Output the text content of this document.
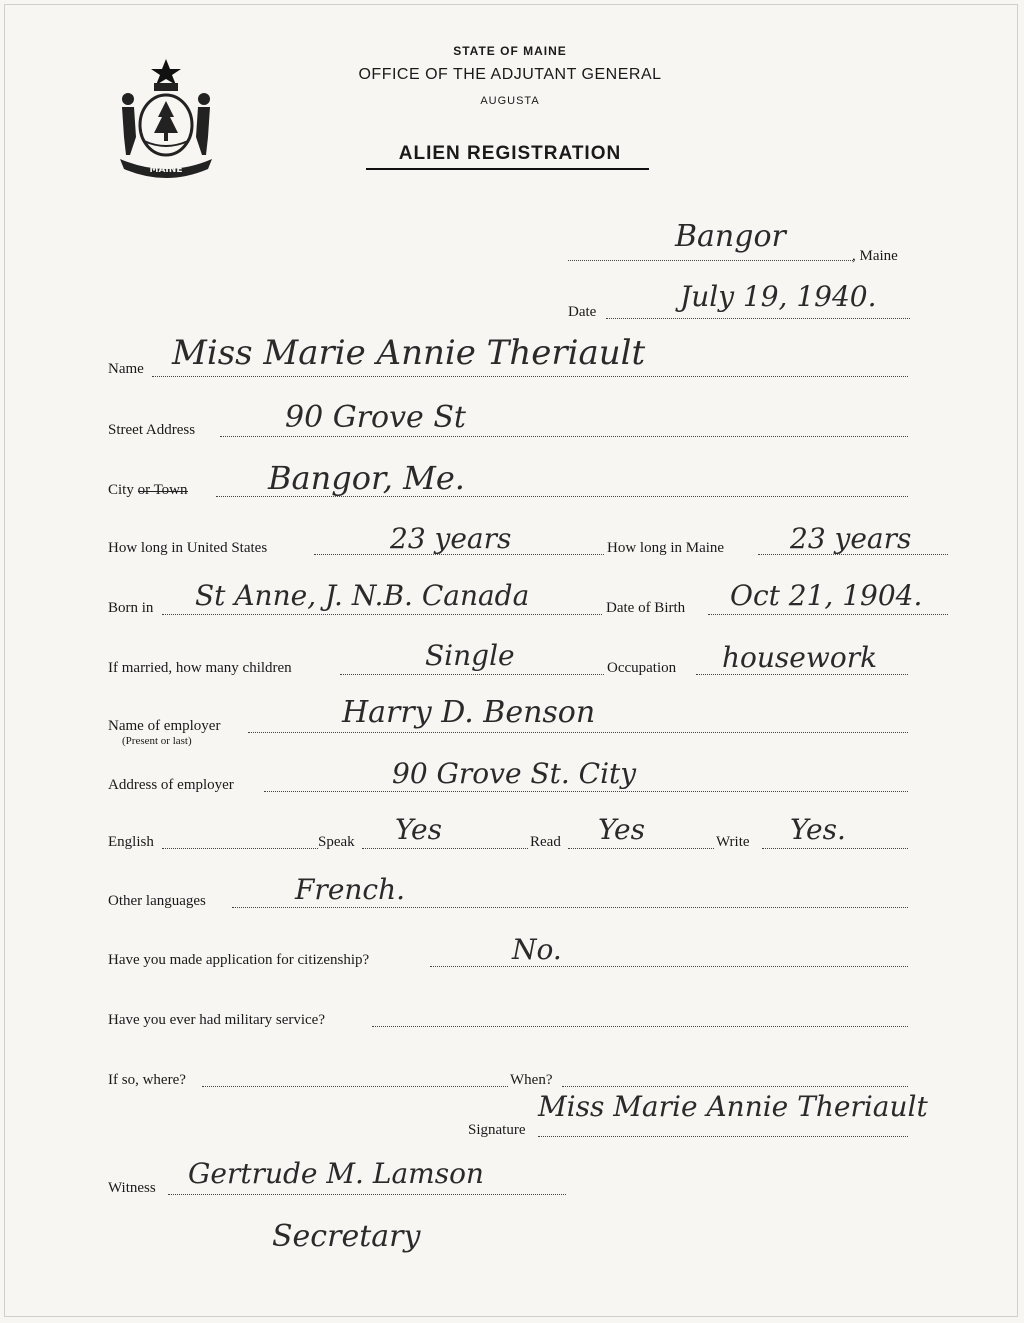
MAINE
STATE OF MAINE
OFFICE OF THE ADJUTANT GENERAL
AUGUSTA
ALIEN REGISTRATION
Bangor
, Maine
Date	July 19, 1940.
Name Miss Marie Annie Theriault
Street Address	90 Grove St
City or Town	Bangor, Me.
How long in United States	23 years	How long in Maine 23 years
Born in St Anne, J. N.B. Canada	Date of Birth Oct 21, 1904.
If married, how many children	Single	Occupation housework
Name of employer
(Present or last)
Harry D. Benson
Address of employer	90 Grove St. City
English	Speak Yes	Read Yes	Write Yes.
Other languages	French.
Have you made application for citizenship?	No.
Have you ever had military service?
If so, where?	When?
Signature
Miss Marie Annie Theriault
Witness Gertrude M. Lamson
Secretary
